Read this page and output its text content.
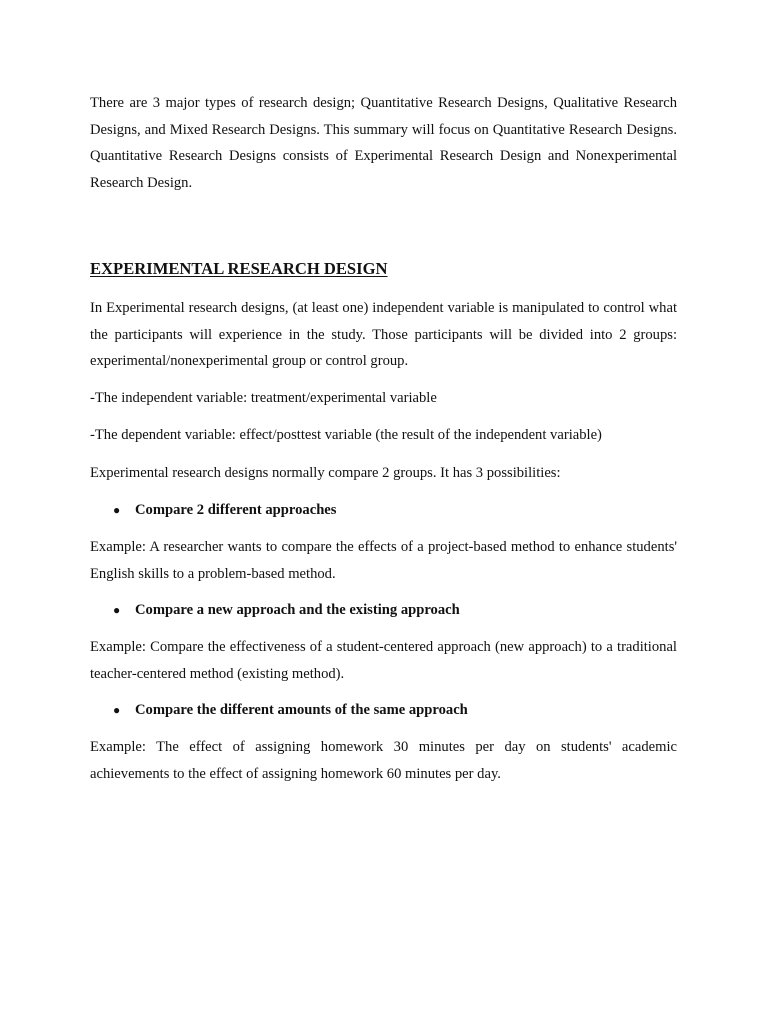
There are 3 major types of research design; Quantitative Research Designs, Qualitative Research Designs, and Mixed Research Designs. This summary will focus on Quantitative Research Designs. Quantitative Research Designs consists of Experimental Research Design and Nonexperimental Research Design.

EXPERIMENTAL RESEARCH DESIGN

In Experimental research designs, (at least one) independent variable is manipulated to control what the participants will experience in the study. Those participants will be divided into 2 groups: experimental/nonexperimental group or control group.

-The independent variable: treatment/experimental variable

-The dependent variable: effect/posttest variable (the result of the independent variable)

Experimental research designs normally compare 2 groups. It has 3 possibilities:

● Compare 2 different approaches

Example: A researcher wants to compare the effects of a project-based method to enhance students' English skills to a problem-based method.

● Compare a new approach and the existing approach

Example: Compare the effectiveness of a student-centered approach (new approach) to a traditional teacher-centered method (existing method).

● Compare the different amounts of the same approach

Example: The effect of assigning homework 30 minutes per day on students' academic achievements to the effect of assigning homework 60 minutes per day.
